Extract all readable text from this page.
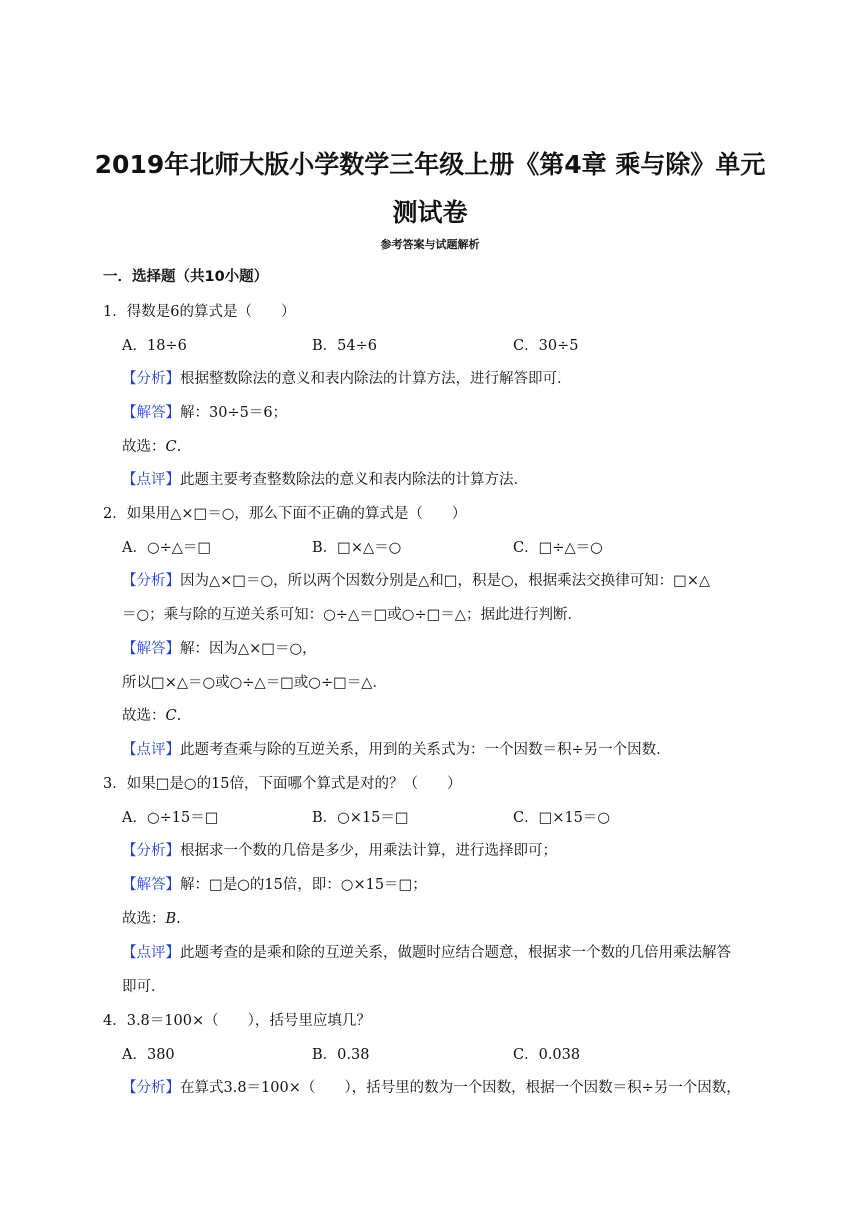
2019年北师大版小学数学三年级上册《第4章 乘与除》单元
测试卷
参考答案与试题解析
一．选择题（共10小题）
1．得数是6的算式是（　　）
A．18÷6	B．54÷6	C．30÷5
【分析】根据整数除法的意义和表内除法的计算方法，进行解答即可．
【解答】解：30÷5＝6；
故选：C.
【点评】此题主要考查整数除法的意义和表内除法的计算方法．
2．如果用△×□＝○，那么下面不正确的算式是（　　）
A．○÷△＝□	B．□×△＝○	C．□÷△＝○
【分析】因为△×□＝○，所以两个因数分别是△和□，积是○，根据乘法交换律可知：□×△
＝○；乘与除的互逆关系可知：○÷△＝□或○÷□＝△；据此进行判断．
【解答】解：因为△×□＝○，
所以□×△＝○或○÷△＝□或○÷□＝△．
故选：C.
【点评】此题考查乘与除的互逆关系，用到的关系式为：一个因数＝积÷另一个因数．
3．如果□是○的15倍，下面哪个算式是对的？（　　）
A．○÷15＝□	B．○×15＝□	C．□×15＝○
【分析】根据求一个数的几倍是多少，用乘法计算，进行选择即可；
【解答】解：□是○的15倍，即：○×15＝□；
故选：B.
【点评】此题考查的是乘和除的互逆关系，做题时应结合题意，根据求一个数的几倍用乘法解答
即可．
4．3.8＝100×（　　），括号里应填几？
A．380	B．0.38	C．0.038
【分析】在算式3.8＝100×（　　），括号里的数为一个因数，根据一个因数＝积÷另一个因数，
